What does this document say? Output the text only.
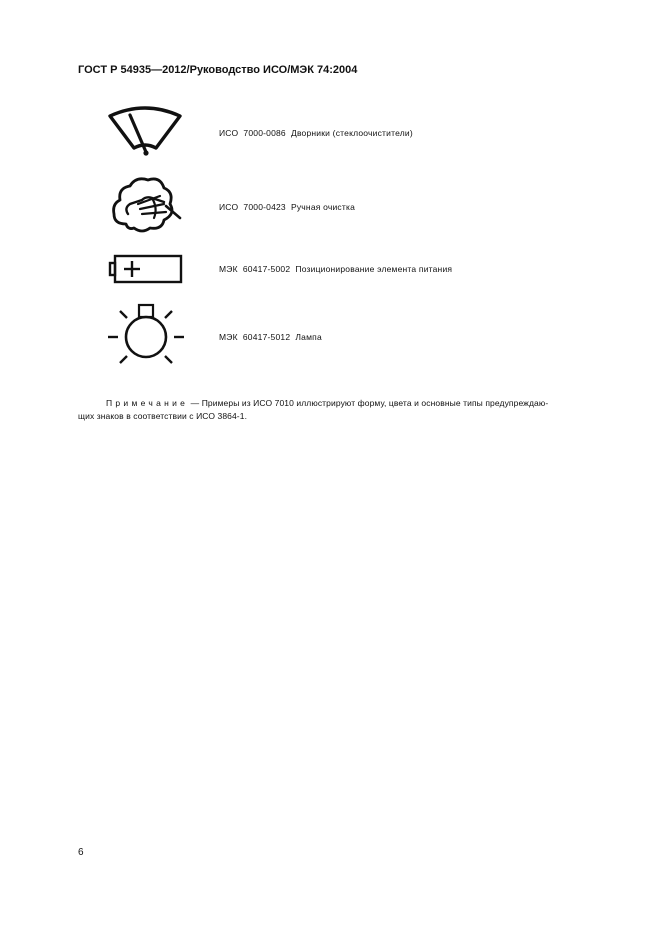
ГОСТ Р 54935—2012/Руководство ИСО/МЭК 74:2004
ИСО 7000-0086 Дворники (стеклоочистители)
ИСО 7000-0423 Ручная очистка
МЭК 60417-5002 Позиционирование элемента питания
МЭК 60417-5012 Лампа
Примечание — Примеры из ИСО 7010 иллюстрируют форму, цвета и основные типы предупреждаю-
щих знаков в соответствии с ИСО 3864-1.
6
